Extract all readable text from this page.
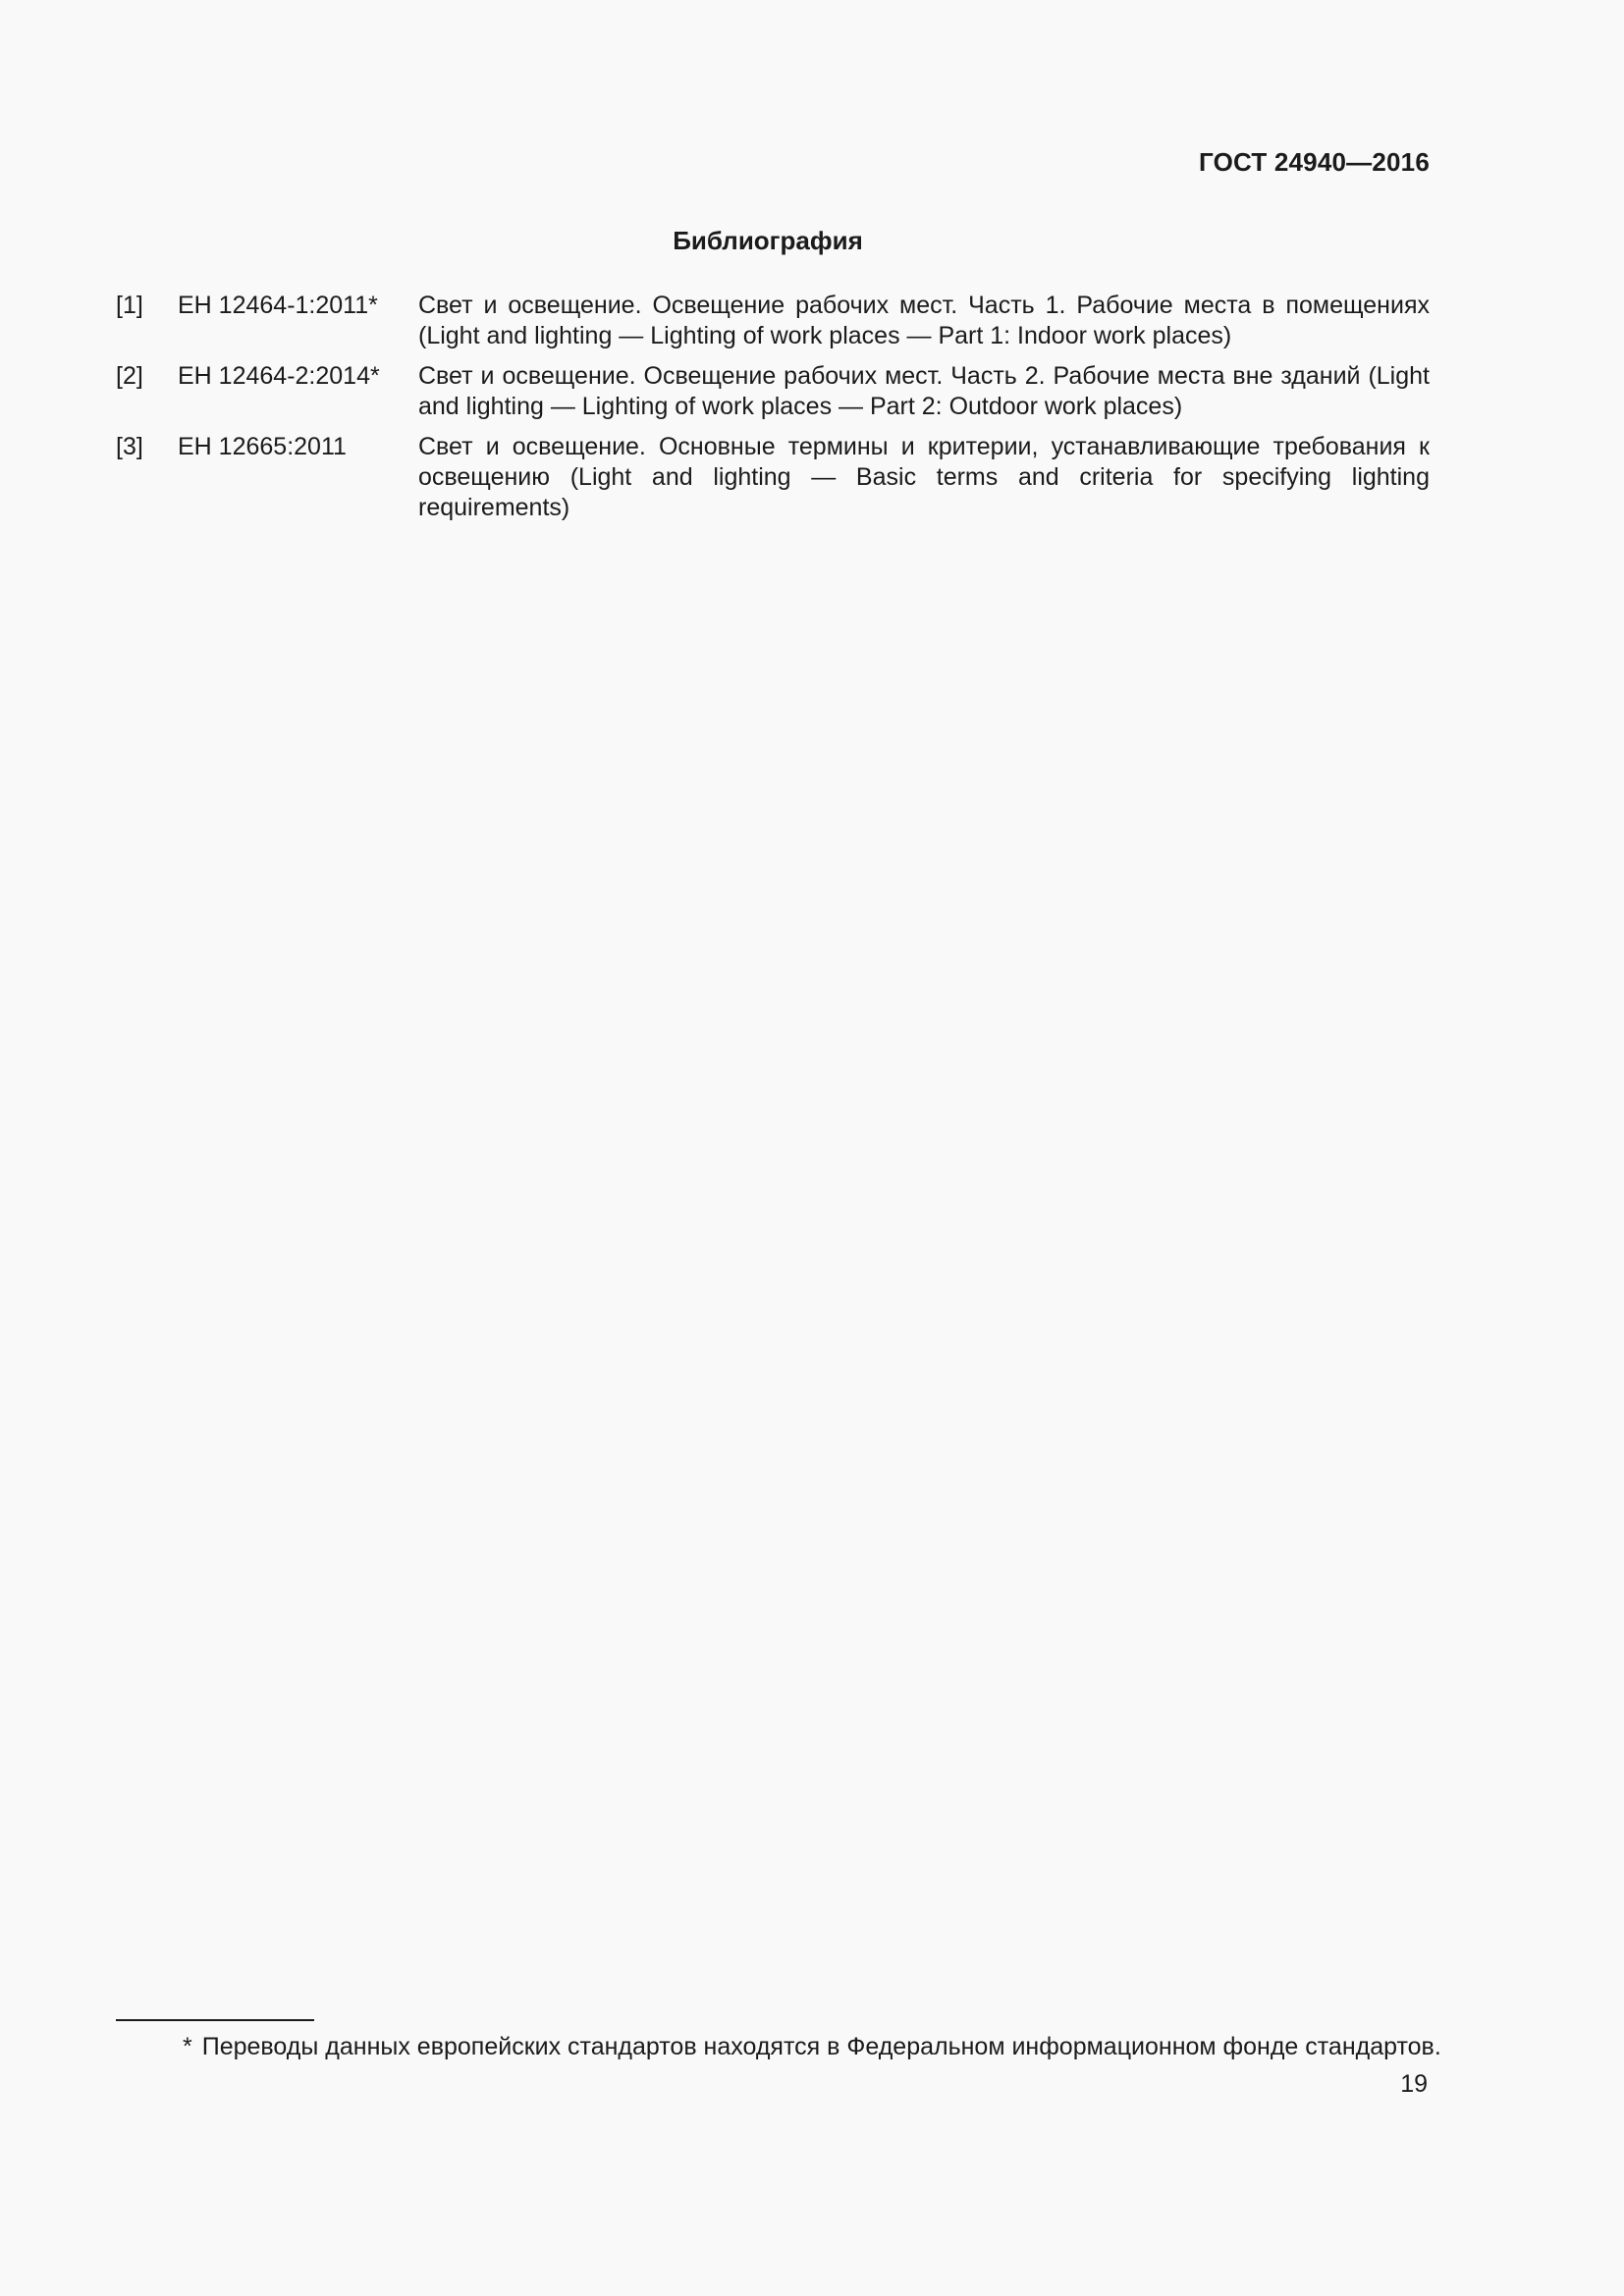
ГОСТ 24940—2016
Библиография
[1]	ЕН 12464-1:2011*	Свет и освещение. Освещение рабочих мест. Часть 1. Рабочие места в помещениях (Light and lighting — Lighting of work places — Part 1: Indoor work places)
[2]	ЕН 12464-2:2014*	Свет и освещение. Освещение рабочих мест. Часть 2. Рабочие места вне зданий (Light and lighting — Lighting of work places — Part 2: Outdoor work places)
[3]	ЕН 12665:2011	Свет и освещение. Основные термины и критерии, устанавливающие требования к освещению (Light and lighting — Basic terms and criteria for specifying lighting requirements)
* Переводы данных европейских стандартов находятся в Федеральном информационном фонде стандартов.
19
